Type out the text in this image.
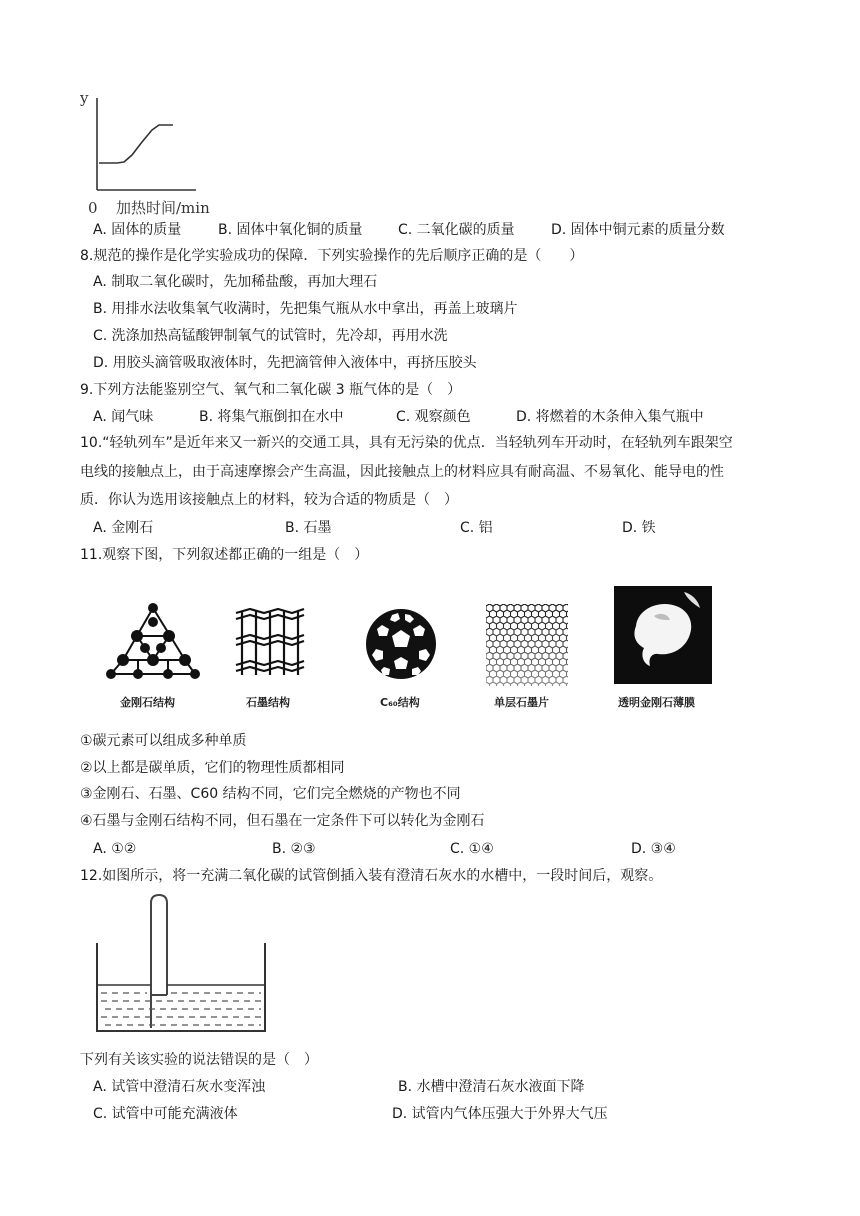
y
0 加热时间/min
A. 固体的质量	B. 固体中氧化铜的质量	C. 二氧化碳的质量	D. 固体中铜元素的质量分数
8.规范的操作是化学实验成功的保障．下列实验操作的先后顺序正确的是（　　）
A. 制取二氧化碳时，先加稀盐酸，再加大理石
B. 用排水法收集氧气收满时，先把集气瓶从水中拿出，再盖上玻璃片
C. 洗涤加热高锰酸钾制氧气的试管时，先冷却，再用水洗
D. 用胶头滴管吸取液体时，先把滴管伸入液体中，再挤压胶头
9.下列方法能鉴别空气、氧气和二氧化碳 3 瓶气体的是（　）
A. 闻气味	B. 将集气瓶倒扣在水中	C. 观察颜色	D. 将燃着的木条伸入集气瓶中
10.“轻轨列车”是近年来又一新兴的交通工具，具有无污染的优点．当轻轨列车开动时，在轻轨列车跟架空
电线的接触点上，由于高速摩擦会产生高温，因此接触点上的材料应具有耐高温、不易氧化、能导电的性
质．你认为选用该接触点上的材料，较为合适的物质是（　）
A. 金刚石	B. 石墨	C. 铝	D. 铁
11.观察下图，下列叙述都正确的一组是（　）
金刚石结构	石墨结构	C₆₀结构	单层石墨片	透明金刚石薄膜
①碳元素可以组成多种单质
②以上都是碳单质，它们的物理性质都相同
③金刚石、石墨、C60 结构不同，它们完全燃烧的产物也不同
④石墨与金刚石结构不同，但石墨在一定条件下可以转化为金刚石
A. ①②	B. ②③	C. ①④	D. ③④
12.如图所示，将一充满二氧化碳的试管倒插入装有澄清石灰水的水槽中，一段时间后，观察。
下列有关该实验的说法错误的是（　）
A. 试管中澄清石灰水变浑浊	B. 水槽中澄清石灰水液面下降
C. 试管中可能充满液体	D. 试管内气体压强大于外界大气压
